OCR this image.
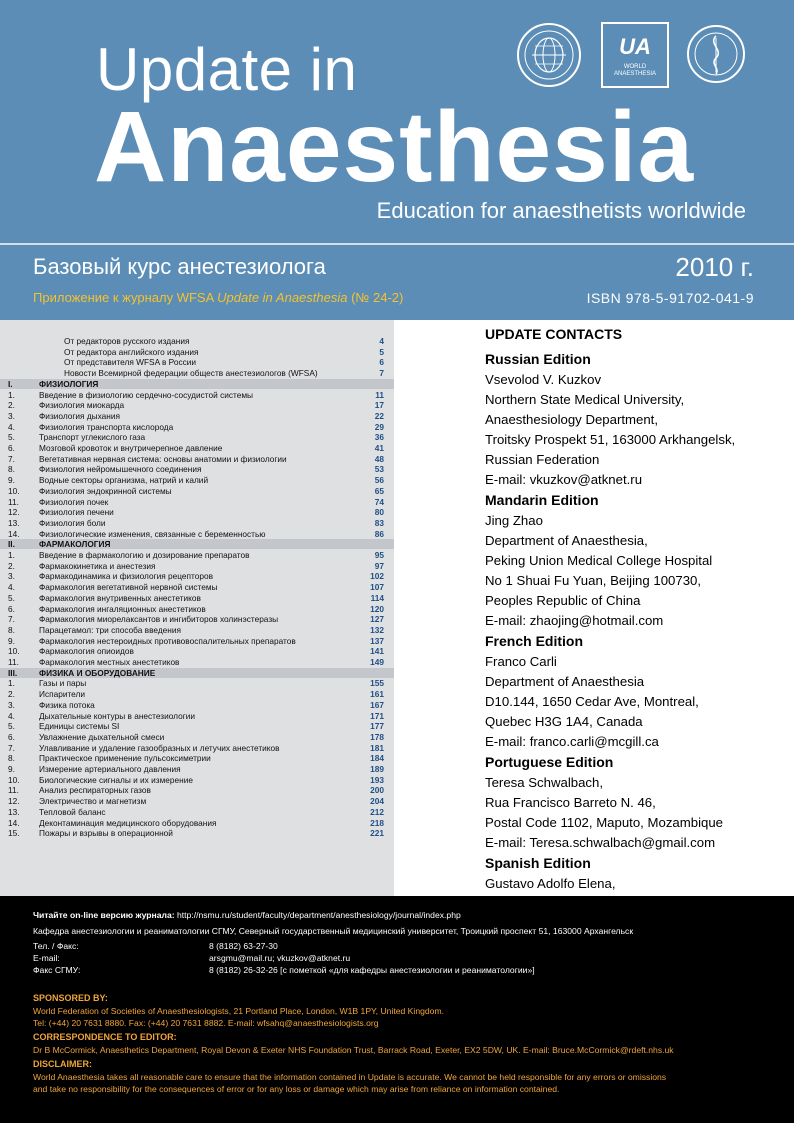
Update in
Anaesthesia
UA
WORLD
ANAESTHESIA
Education for anaesthetists worldwide
Базовый курс анестезиолога	2010 г.
Приложение к журналу WFSA Update in Anaesthesia (№ 24-2)	ISBN 978-5-91702-041-9
От редакторов русского издания	4
От редактора английского издания	5
От представителя WFSA в России	6
Новости Всемирной федерации обществ анестезиологов (WFSA)	7
I.	ФИЗИОЛОГИЯ
1.	Введение в физиологию сердечно-сосудистой системы	11
2.	Физиология миокарда	17
3.	Физиология дыхания	22
4.	Физиология транспорта кислорода	29
5.	Транспорт углекислого газа	36
6.	Мозговой кровоток и внутричерепное давление	41
7.	Вегетативная нервная система: основы анатомии и физиологии	48
8.	Физиология нейромышечного соединения	53
9.	Водные секторы организма, натрий и калий	56
10. Физиология эндокринной системы	65
11. Физиология почек	74
12. Физиология печени	80
13. Физиология боли	83
14. Физиологические изменения, связанные с беременностью	86
II.	ФАРМАКОЛОГИЯ
1.	Введение в фармакологию и дозирование препаратов	95
2.	Фармакокинетика и анестезия	97
3.	Фармакодинамика и физиология рецепторов	102
4.	Фармакология вегетативной нервной системы	107
5.	Фармакология внутривенных анестетиков	114
6.	Фармакология ингаляционных анестетиков	120
7.	Фармакология миорелаксантов и ингибиторов холинэстеразы	127
8.	Парацетамол: три способа введения	132
9.	Фармакология нестероидных противовоспалительных препаратов	137
10. Фармакология опиоидов	141
11. Фармакология местных анестетиков	149
III.	ФИЗИКА И ОБОРУДОВАНИЕ
1.	Газы и пары	155
2.	Испарители	161
3.	Физика потока	167
4.	Дыхательные контуры в анестезиологии	171
5.	Единицы системы SI	177
6.	Увлажнение дыхательной смеси	178
7.	Улавливание и удаление газообразных и летучих анестетиков	181
8.	Практическое применение пульсоксиметрии	184
9.	Измерение артериального давления	189
10. Биологические сигналы и их измерение	193
11. Анализ респираторных газов	200
12. Электричество и магнетизм	204
13. Тепловой баланс	212
14. Деконтаминация медицинского оборудования	218
15. Пожары и взрывы в операционной	221
UPDATE CONTACTS
Russian Edition
Vsevolod V. Kuzkov
Northern State Medical University,
Anaesthesiology Department,
Troitsky Prospekt 51, 163000 Arkhangelsk,
Russian Federation
E-mail: vkuzkov@atknet.ru
Mandarin Edition
Jing Zhao
Department of Anaesthesia,
Peking Union Medical College Hospital
No 1 Shuai Fu Yuan, Beijing 100730,
Peoples Republic of China
E-mail: zhaojing@hotmail.com
French Edition
Franco Carli
Department of Anaesthesia
D10.144, 1650 Cedar Ave, Montreal,
Quebec H3G 1A4, Canada
E-mail: franco.carli@mcgill.ca
Portuguese Edition
Teresa Schwalbach,
Rua Francisco Barreto N. 46,
Postal Code 1102, Maputo, Mozambique
E-mail: Teresa.schwalbach@gmail.com
Spanish Edition
Gustavo Adolfo Elena,
Читайте on-line версию журнала: http://nsmu.ru/student/faculty/department/anesthesiology/journal/index.php
Кафедра анестезиологии и реаниматологии СГМУ, Северный государственный медицинский университет, Троицкий проспект 51, 163000 Архангельск
Тел. / Факс:	8 (8182) 63-27-30
E-mail:	arsgmu@mail.ru; vkuzkov@atknet.ru
Факс СГМУ:	8 (8182) 26-32-26 [с пометкой «для кафедры анестезиологии и реаниматологии»]
SPONSORED BY:
World Federation of Societies of Anaesthesiologists, 21 Portland Place, London, W1B 1PY, United Kingdom.
Tel: (+44) 20 7631 8880. Fax: (+44) 20 7631 8882. E-mail: wfsahq@anaesthesiologists.org
CORRESPONDENCE TO EDITOR:
Dr B McCormick, Anaesthetics Department, Royal Devon & Exeter NHS Foundation Trust, Barrack Road, Exeter, EX2 5DW, UK. E-mail: Bruce.McCormick@rdeft.nhs.uk
DISCLAIMER:
World Anaesthesia takes all reasonable care to ensure that the information contained in Update is accurate. We cannot be held responsible for any errors or omissions
and take no responsibility for the consequences of error or for any loss or damage which may arise from reliance on information contained.
